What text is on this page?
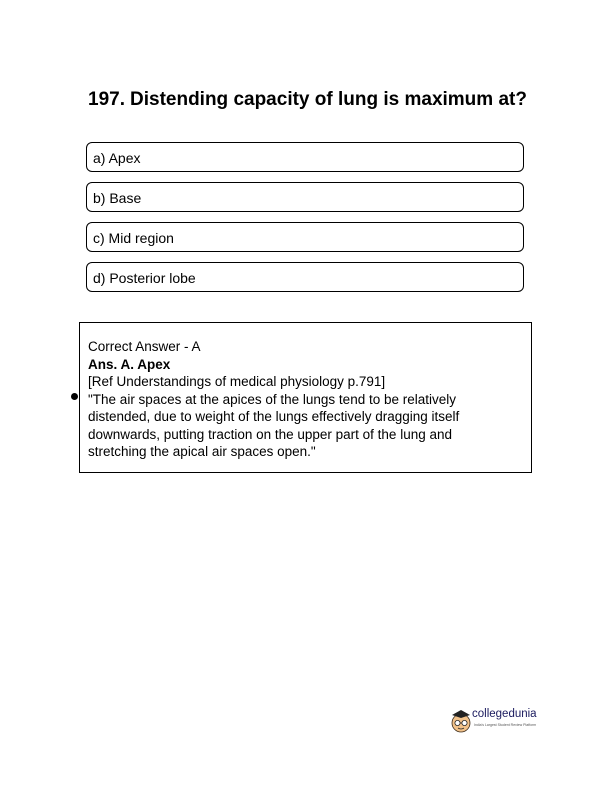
197. Distending capacity of lung is maximum at?
a) Apex
b) Base
c) Mid region
d) Posterior lobe
Correct Answer - A
Ans. A. Apex
[Ref Understandings of medical physiology p.791]
"The air spaces at the apices of the lungs tend to be relatively
distended, due to weight of the lungs effectively dragging itself
downwards, putting traction on the upper part of the lung and
stretching the apical air spaces open."
collegedunia
India's Largest Student Review Platform
